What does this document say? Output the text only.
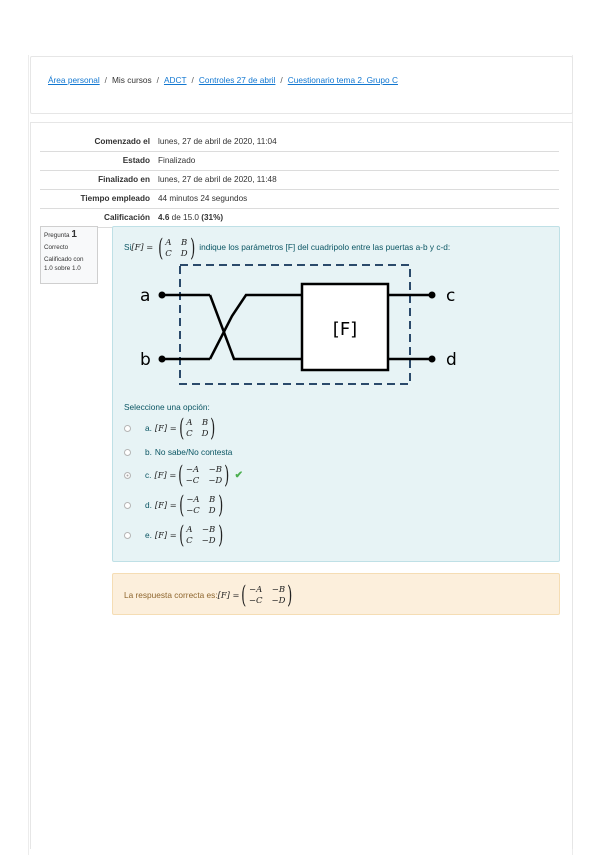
Área personal / Mis cursos / ADCT / Controles 27 de abril / Cuestionario tema 2. Grupo C
Comenzado el	lunes, 27 de abril de 2020, 11:04
Estado	Finalizado
Finalizado en	lunes, 27 de abril de 2020, 11:48
Tiempo empleado	44 minutos 24 segundos
Calificación	4.6 de 15.0 (31%)
Pregunta 1
Correcto
Calificado con 1.0 sobre 1.0
Si[F] = ( A B
C D ) indique los parámetros [F] del cuadripolo entre las puertas a-b y c-d:
a
b
c
d
[F]
Seleccione una opción:
a. [F] = ( A B
C D )
b. No sabe/No contesta
c. [F] = ( −A −B
−C −D ) ✔
d. [F] = ( −A B
−C D )
e. [F] = ( A −B
C −D )
La respuesta correcta es: [F] = ( −A −B
−C −D )
